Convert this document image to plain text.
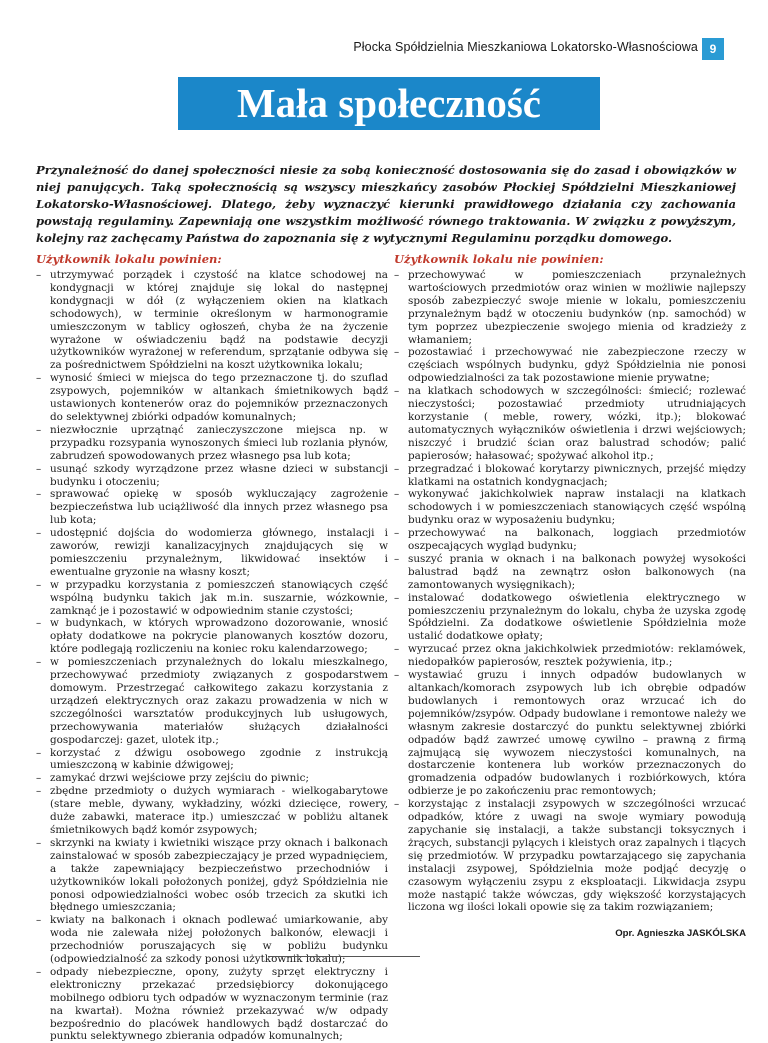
Płocka Spółdzielnia Mieszkaniowa Lokatorsko-Własnościowa 9
Mała społeczność

Przynależność do danej społeczności niesie za sobą konieczność dostosowania się do zasad i obowiązków w niej panujących. Taką społecznością są wszyscy mieszkańcy zasobów Płockiej Spółdzielni Mieszkaniowej Lokatorsko-Własnościowej. Dlatego, żeby wyznaczyć kierunki prawidłowego działania czy zachowania powstają regulaminy. Zapewniają one wszystkim możliwość równego traktowania. W związku z powyższym, kolejny raz zachęcamy Państwa do zapoznania się z wytycznymi Regulaminu porządku domowego.

Użytkownik lokalu powinien:
– utrzymywać porządek i czystość na klatce schodowej na kondygnacji w której znajduje się lokal do następnej kondygnacji w dół (z wyłączeniem okien na klatkach schodowych), w terminie określonym w harmonogramie umieszczonym w tablicy ogłoszeń, chyba że na życzenie wyrażone w oświadczeniu bądź na podstawie decyzji użytkowników wyrażonej w referendum, sprzątanie odbywa się za pośrednictwem Spółdzielni na koszt użytkownika lokalu;
– wynosić śmieci w miejsca do tego przeznaczone tj. do szuflad zsypowych, pojemników w altankach śmietnikowych bądź ustawionych kontenerów oraz do pojemników przeznaczonych do selektywnej zbiórki odpadów komunalnych;
– niezwłocznie uprzątnąć zanieczyszczone miejsca np. w przypadku rozsypania wynoszonych śmieci lub rozlania płynów, zabrudzeń spowodowanych przez własnego psa lub kota;
– usunąć szkody wyrządzone przez własne dzieci w substancji budynku i otoczeniu;
– sprawować opiekę w sposób wykluczający zagrożenie bezpieczeństwa lub uciążliwość dla innych przez własnego psa lub kota;
– udostępnić dojścia do wodomierza głównego, instalacji i zaworów, rewizji kanalizacyjnych znajdujących się w pomieszczeniu przynależnym, likwidować insektów i ewentualne gryzonie na własny koszt;
– w przypadku korzystania z pomieszczeń stanowiących część wspólną budynku takich jak m.in. suszarnie, wózkownie, zamknąć je i pozostawić w odpowiednim stanie czystości;
– w budynkach, w których wprowadzono dozorowanie, wnosić opłaty dodatkowe na pokrycie planowanych kosztów dozoru, które podlegają rozliczeniu na koniec roku kalendarzowego;
– w pomieszczeniach przynależnych do lokalu mieszkalnego, przechowywać przedmioty związanych z gospodarstwem domowym. Przestrzegać całkowitego zakazu korzystania z urządzeń elektrycznych oraz zakazu prowadzenia w nich w szczególności warsztatów produkcyjnych lub usługowych, przechowywania materiałów służących działalności gospodarczej: gazet, ulotek itp.;
– korzystać z dźwigu osobowego zgodnie z instrukcją umieszczoną w kabinie dźwigowej;
– zamykać drzwi wejściowe przy zejściu do piwnic;
– zbędne przedmioty o dużych wymiarach - wielkogabarytowe (stare meble, dywany, wykładziny, wózki dziecięce, rowery, duże zabawki, materace itp.) umieszczać w pobliżu altanek śmietnikowych bądź komór zsypowych;
– skrzynki na kwiaty i kwietniki wiszące przy oknach i balkonach zainstalować w sposób zabezpieczający je przed wypadnięciem, a także zapewniający bezpieczeństwo przechodniów i użytkowników lokali położonych poniżej, gdyż Spółdzielnia nie ponosi odpowiedzialności wobec osób trzecich za skutki ich błędnego umieszczania;
– kwiaty na balkonach i oknach podlewać umiarkowanie, aby woda nie zalewała niżej położonych balkonów, elewacji i przechodniów poruszających się w pobliżu budynku (odpowiedzialność za szkody ponosi użytkownik lokalu);
– odpady niebezpieczne, opony, zużyty sprzęt elektryczny i elektroniczny przekazać przedsiębiorcy dokonującego mobilnego odbioru tych odpadów w wyznaczonym terminie (raz na kwartał). Można również przekazywać w/w odpady bezpośrednio do placówek handlowych bądź dostarczać do punktu selektywnego zbierania odpadów komunalnych;
Użytkownik lokalu nie powinien:
– przechowywać w pomieszczeniach przynależnych wartościowych przedmiotów oraz winien w możliwie najlepszy sposób zabezpieczyć swoje mienie w lokalu, pomieszczeniu przynależnym bądź w otoczeniu budynków (np. samochód) w tym poprzez ubezpieczenie swojego mienia od kradzieży z włamaniem;
– pozostawiać i przechowywać nie zabezpieczone rzeczy w częściach wspólnych budynku, gdyż Spółdzielnia nie ponosi odpowiedzialności za tak pozostawione mienie prywatne;
– na klatkach schodowych w szczególności: śmiecić; rozlewać nieczystości; pozostawiać przedmioty utrudniających korzystanie ( meble, rowery, wózki, itp.); blokować automatycznych wyłączników oświetlenia i drzwi wejściowych; niszczyć i brudzić ścian oraz balustrad schodów; palić papierosów; hałasować; spożywać alkohol itp.;
– przegradzać i blokować korytarzy piwnicznych, przejść między klatkami na ostatnich kondygnacjach;
– wykonywać jakichkolwiek napraw instalacji na klatkach schodowych i w pomieszczeniach stanowiących część wspólną budynku oraz w wyposażeniu budynku;
– przechowywać na balkonach, loggiach przedmiotów oszpecających wygląd budynku;
– suszyć prania w oknach i na balkonach powyżej wysokości balustrad bądź na zewnątrz osłon balkonowych (na zamontowanych wysięgnikach);
– instalować dodatkowego oświetlenia elektrycznego w pomieszczeniu przynależnym do lokalu, chyba że uzyska zgodę Spółdzielni. Za dodatkowe oświetlenie Spółdzielnia może ustalić dodatkowe opłaty;
– wyrzucać przez okna jakichkolwiek przedmiotów: reklamówek, niedopałków papierosów, resztek pożywienia, itp.;
– wystawiać gruzu i innych odpadów budowlanych w altankach/komorach zsypowych lub ich obrębie odpadów budowlanych i remontowych oraz wrzucać ich do pojemników/zsypów. Odpady budowlane i remontowe należy we własnym zakresie dostarczyć do punktu selektywnej zbiórki odpadów bądź zawrzeć umowę cywilno – prawną z firmą zajmującą się wywozem nieczystości komunalnych, na dostarczenie kontenera lub worków przeznaczonych do gromadzenia odpadów budowlanych i rozbiórkowych, która odbierze je po zakończeniu prac remontowych;
– korzystając z instalacji zsypowych w szczególności wrzucać odpadków, które z uwagi na swoje wymiary powodują zapychanie się instalacji, a także substancji toksycznych i żrących, substancji pylących i kleistych oraz zapalnych i tlących się przedmiotów. W przypadku powtarzającego się zapychania instalacji zsypowej, Spółdzielnia może podjąć decyzję o czasowym wyłączeniu zsypu z eksploatacji. Likwidacja zsypu może nastąpić także wówczas, gdy większość korzystających liczona wg ilości lokali opowie się za takim rozwiązaniem;
Opr. Agnieszka JASKÓLSKA
